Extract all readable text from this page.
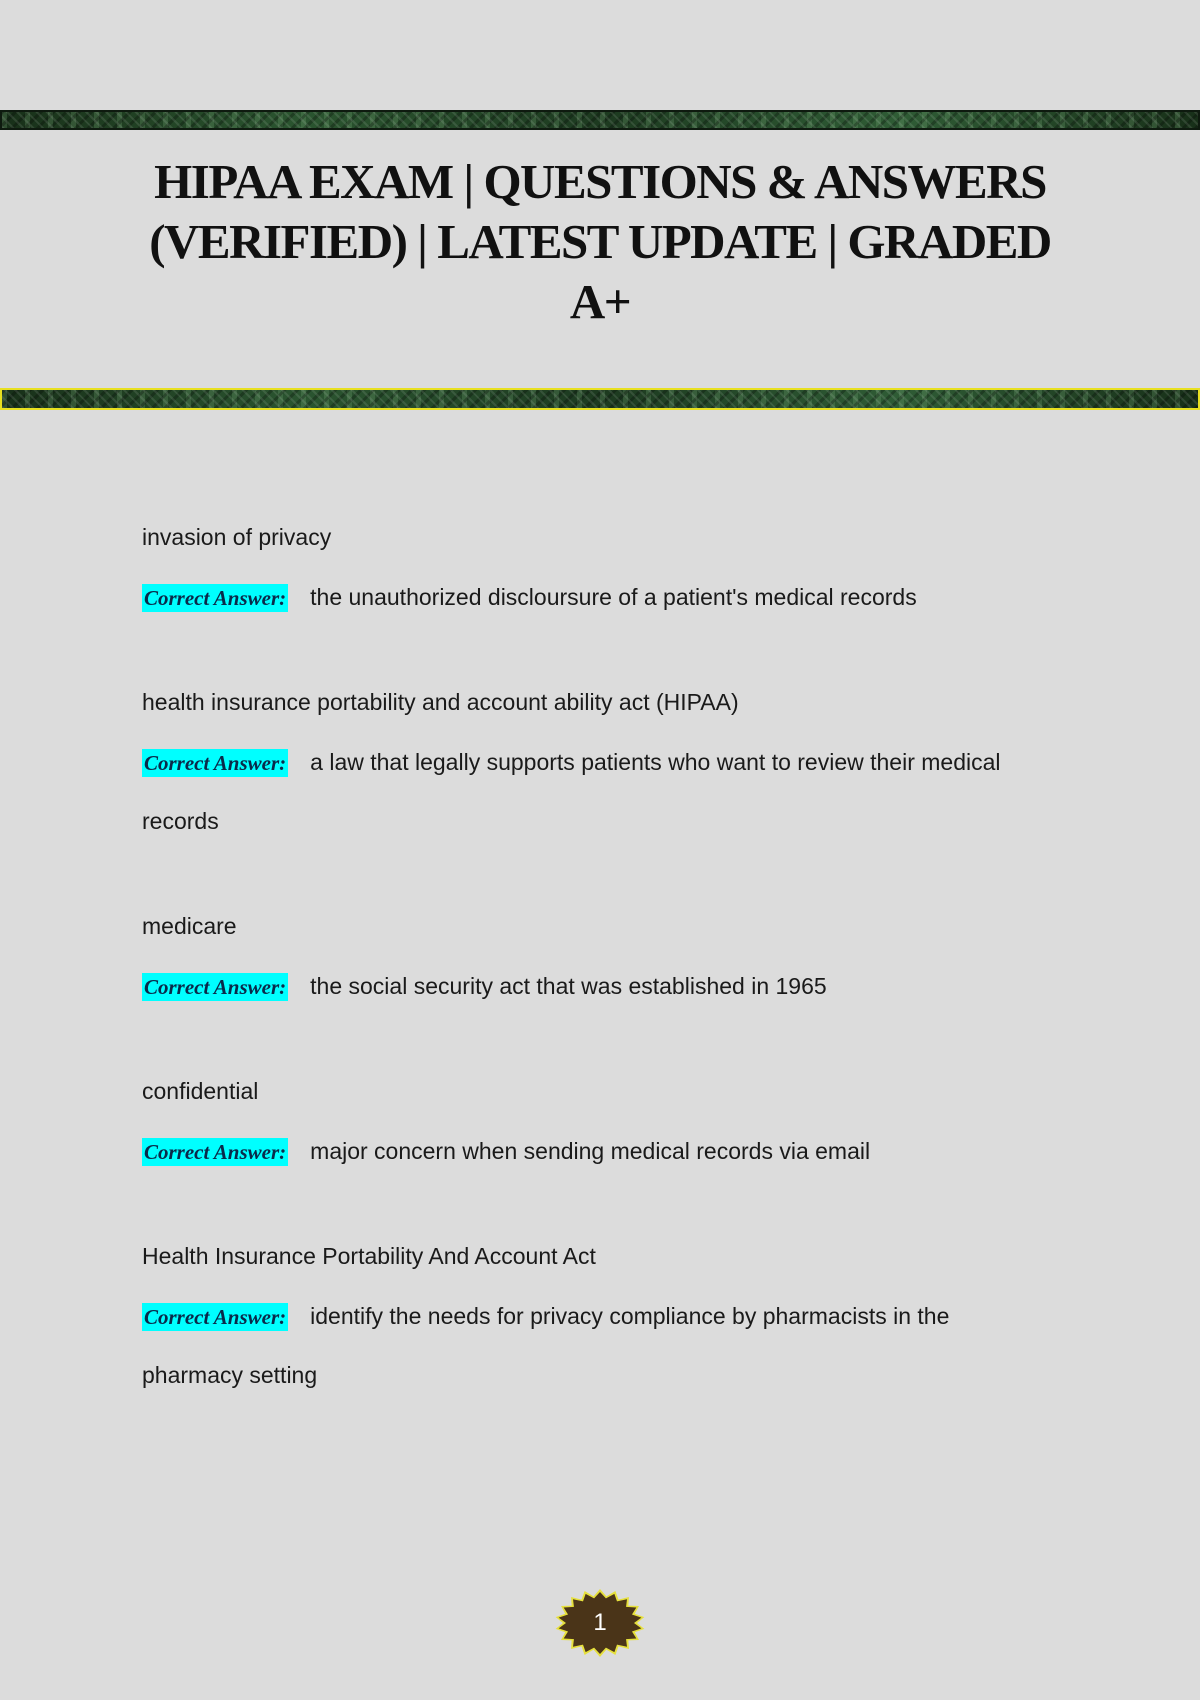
HIPAA EXAM | QUESTIONS & ANSWERS (VERIFIED) | LATEST UPDATE | GRADED A+
invasion of privacy
Correct Answer: the unauthorized discloursure of a patient's medical records
health insurance portability and account ability act (HIPAA)
Correct Answer: a law that legally supports patients who want to review their medical records
medicare
Correct Answer: the social security act that was established in 1965
confidential
Correct Answer: major concern when sending medical records via email
Health Insurance Portability And Account Act
Correct Answer: identify the needs for privacy compliance by pharmacists in the pharmacy setting
1
